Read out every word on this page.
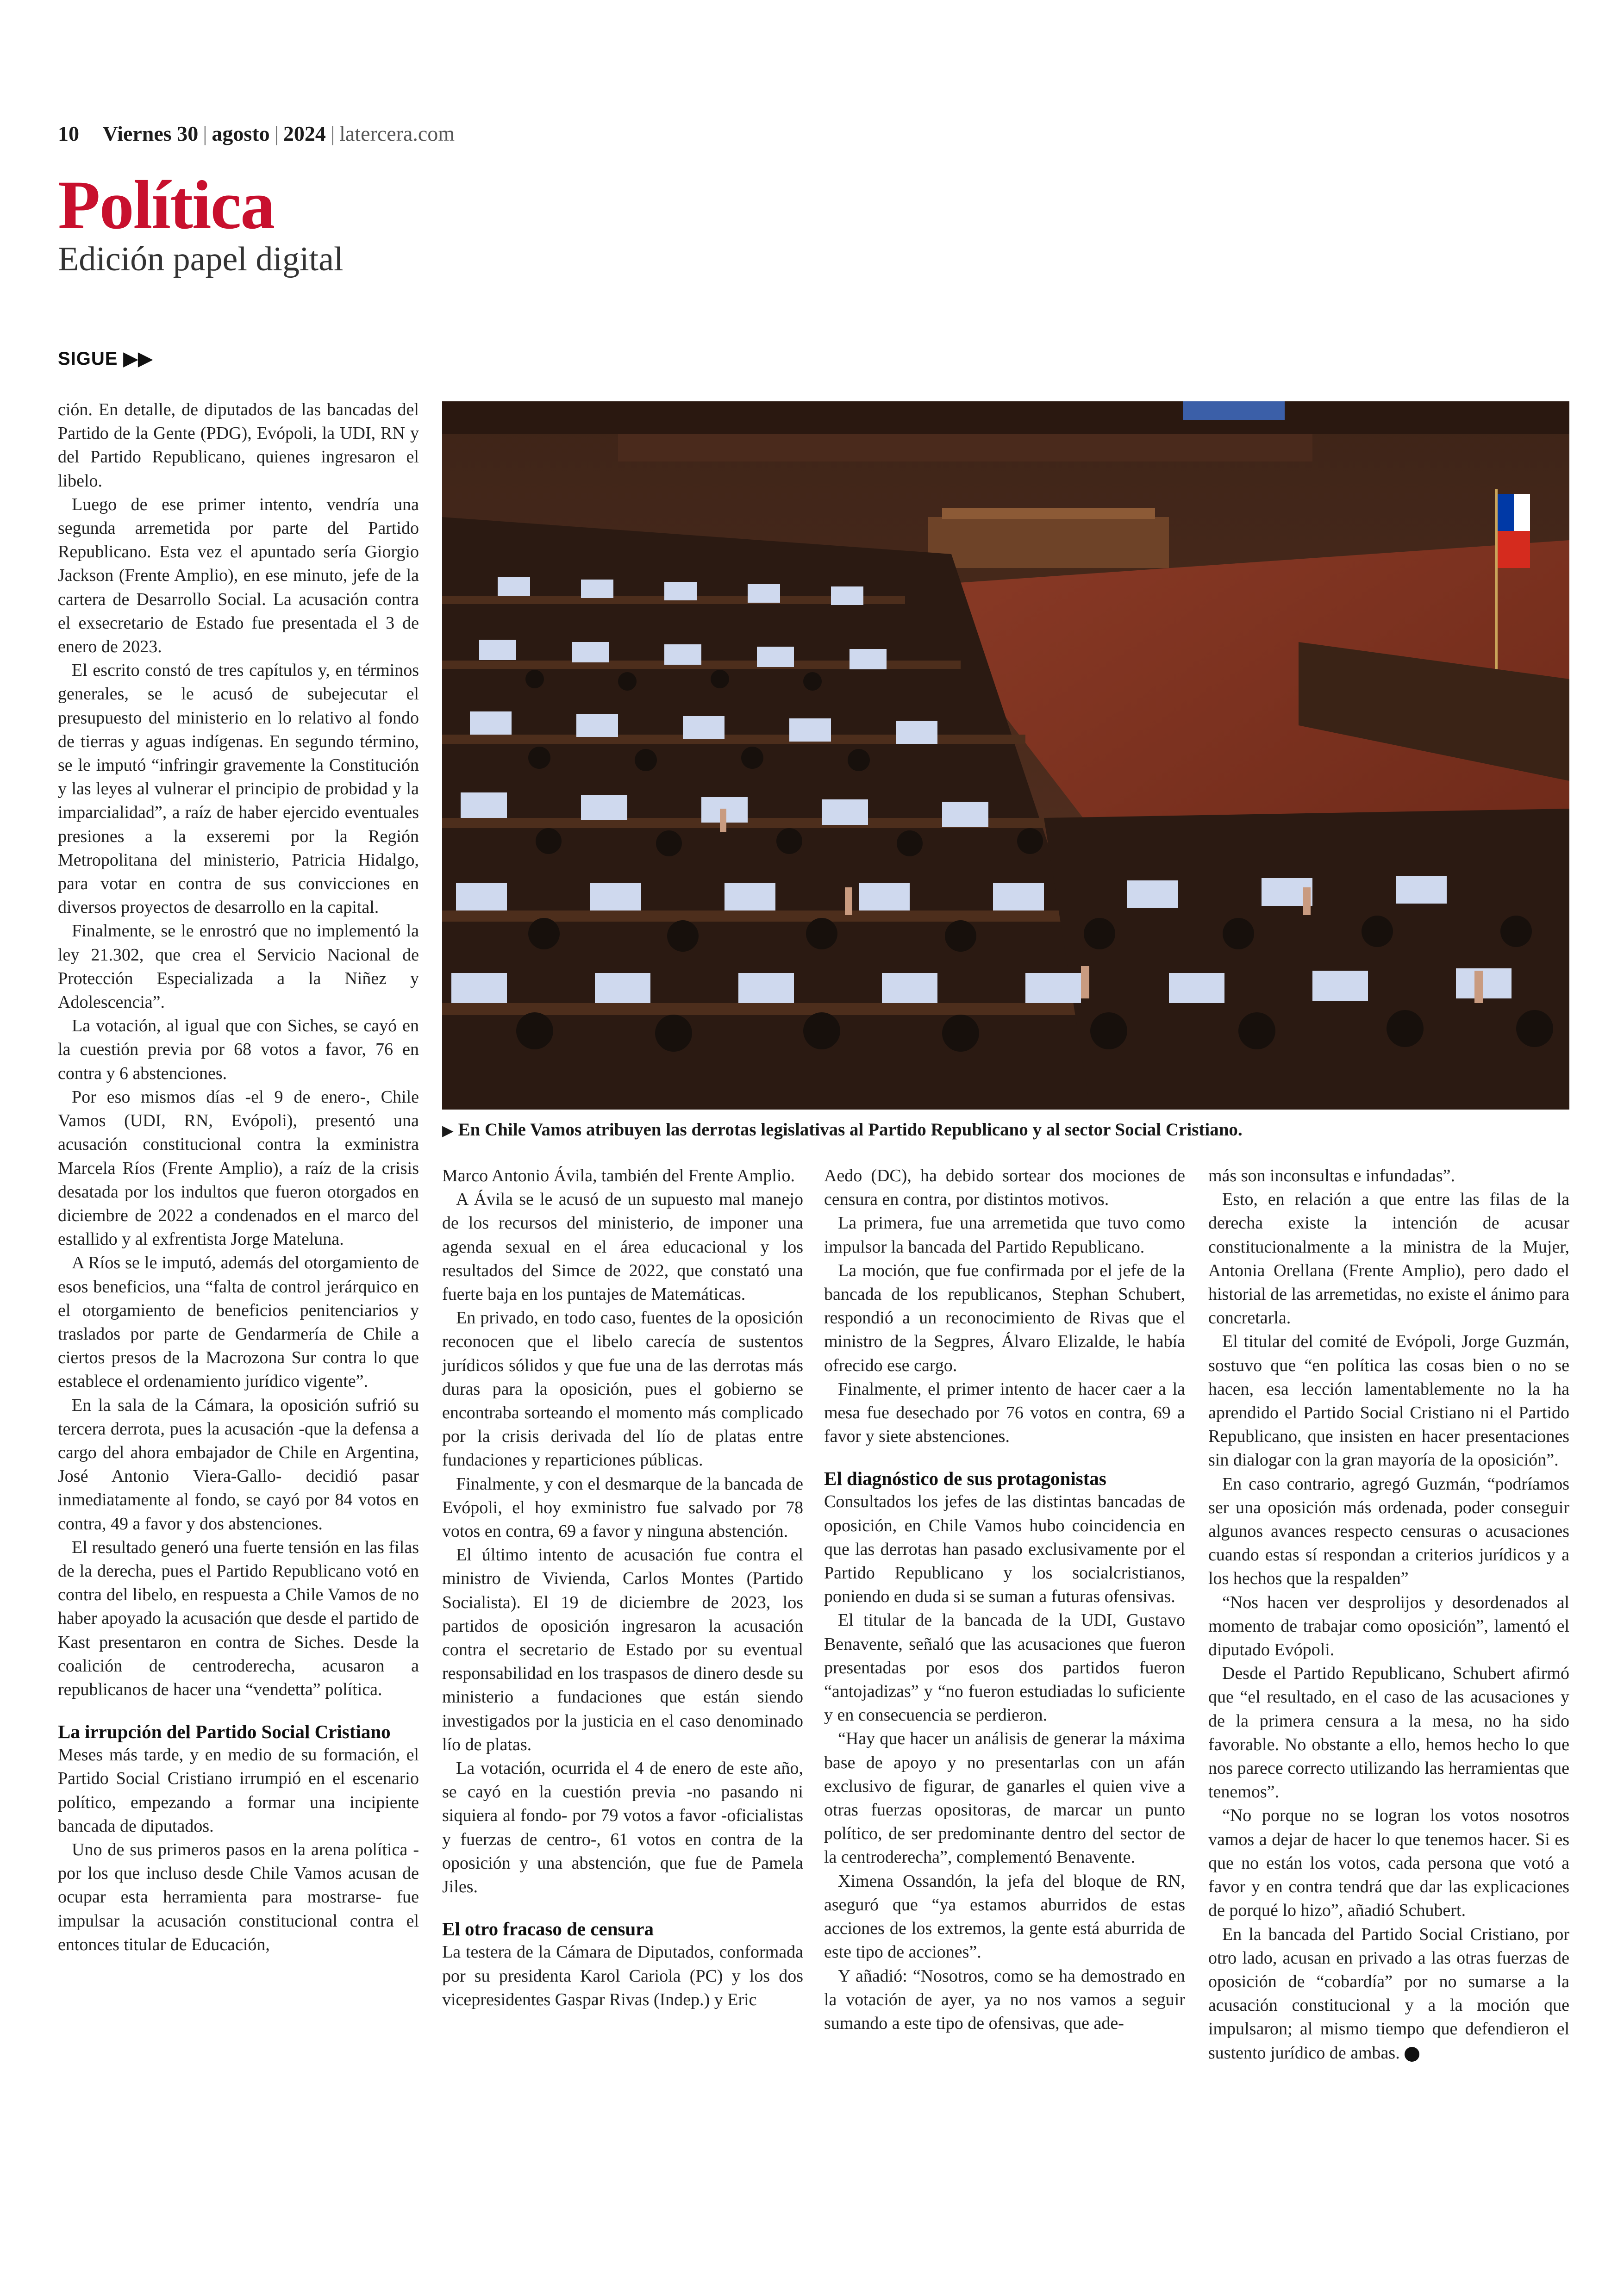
10 Viernes 30 | agosto | 2024 | latercera.com
Política
Edición papel digital
SIGUE ▶▶

ción. En detalle, de diputados de las bancadas del Partido de la Gente (PDG), Evópoli, la UDI, RN y del Partido Republicano, quienes ingresaron el libelo.

Luego de ese primer intento, vendría una segunda arremetida por parte del Partido Republicano. Esta vez el apuntado sería Giorgio Jackson (Frente Amplio), en ese minuto, jefe de la cartera de Desarrollo Social. La acusación contra el exsecretario de Estado fue presentada el 3 de enero de 2023.

El escrito constó de tres capítulos y, en términos generales, se le acusó de subejecutar el presupuesto del ministerio en lo relativo al fondo de tierras y aguas indígenas. En segundo término, se le imputó “infringir gravemente la Constitución y las leyes al vulnerar el principio de probidad y la imparcialidad”, a raíz de haber ejercido eventuales presiones a la exseremi por la Región Metropolitana del ministerio, Patricia Hidalgo, para votar en contra de sus convicciones en diversos proyectos de desarrollo en la capital.

Finalmente, se le enrostró que no implementó la ley 21.302, que crea el Servicio Nacional de Protección Especializada a la Niñez y Adolescencia”.

La votación, al igual que con Siches, se cayó en la cuestión previa por 68 votos a favor, 76 en contra y 6 abstenciones.

Por eso mismos días -el 9 de enero-, Chile Vamos (UDI, RN, Evópoli), presentó una acusación constitucional contra la exministra Marcela Ríos (Frente Amplio), a raíz de la crisis desatada por los indultos que fueron otorgados en diciembre de 2022 a condenados en el marco del estallido y al exfrentista Jorge Mateluna.

A Ríos se le imputó, además del otorgamiento de esos beneficios, una “falta de control jerárquico en el otorgamiento de beneficios penitenciarios y traslados por parte de Gendarmería de Chile a ciertos presos de la Macrozona Sur contra lo que establece el ordenamiento jurídico vigente”.

En la sala de la Cámara, la oposición sufrió su tercera derrota, pues la acusación -que la defensa a cargo del ahora embajador de Chile en Argentina, José Antonio Viera-Gallo- decidió pasar inmediatamente al fondo, se cayó por 84 votos en contra, 49 a favor y dos abstenciones.

El resultado generó una fuerte tensión en las filas de la derecha, pues el Partido Republicano votó en contra del libelo, en respuesta a Chile Vamos de no haber apoyado la acusación que desde el partido de Kast presentaron en contra de Siches. Desde la coalición de centroderecha, acusaron a republicanos de hacer una “vendetta” política.

La irrupción del Partido Social Cristiano

Meses más tarde, y en medio de su formación, el Partido Social Cristiano irrumpió en el escenario político, empezando a formar una incipiente bancada de diputados.

Uno de sus primeros pasos en la arena política -por los que incluso desde Chile Vamos acusan de ocupar esta herramienta para mostrarse- fue impulsar la acusación constitucional contra el entonces titular de Educación,

▶ En Chile Vamos atribuyen las derrotas legislativas al Partido Republicano y al sector Social Cristiano.

Marco Antonio Ávila, también del Frente Amplio.

A Ávila se le acusó de un supuesto mal manejo de los recursos del ministerio, de imponer una agenda sexual en el área educacional y los resultados del Simce de 2022, que constató una fuerte baja en los puntajes de Matemáticas.

En privado, en todo caso, fuentes de la oposición reconocen que el libelo carecía de sustentos jurídicos sólidos y que fue una de las derrotas más duras para la oposición, pues el gobierno se encontraba sorteando el momento más complicado por la crisis derivada del lío de platas entre fundaciones y reparticiones públicas.

Finalmente, y con el desmarque de la bancada de Evópoli, el hoy exministro fue salvado por 78 votos en contra, 69 a favor y ninguna abstención.

El último intento de acusación fue contra el ministro de Vivienda, Carlos Montes (Partido Socialista). El 19 de diciembre de 2023, los partidos de oposición ingresaron la acusación contra el secretario de Estado por su eventual responsabilidad en los traspasos de dinero desde su ministerio a fundaciones que están siendo investigados por la justicia en el caso denominado lío de platas.

La votación, ocurrida el 4 de enero de este año, se cayó en la cuestión previa -no pasando ni siquiera al fondo- por 79 votos a favor -oficialistas y fuerzas de centro-, 61 votos en contra de la oposición y una abstención, que fue de Pamela Jiles.

El otro fracaso de censura

La testera de la Cámara de Diputados, conformada por su presidenta Karol Cariola (PC) y los dos vicepresidentes Gaspar Rivas (Indep.) y Eric

Aedo (DC), ha debido sortear dos mociones de censura en contra, por distintos motivos.

La primera, fue una arremetida que tuvo como impulsor la bancada del Partido Republicano.

La moción, que fue confirmada por el jefe de la bancada de los republicanos, Stephan Schubert, respondió a un reconocimiento de Rivas que el ministro de la Segpres, Álvaro Elizalde, le había ofrecido ese cargo.

Finalmente, el primer intento de hacer caer a la mesa fue desechado por 76 votos en contra, 69 a favor y siete abstenciones.

El diagnóstico de sus protagonistas

Consultados los jefes de las distintas bancadas de oposición, en Chile Vamos hubo coincidencia en que las derrotas han pasado exclusivamente por el Partido Republicano y los socialcristianos, poniendo en duda si se suman a futuras ofensivas.

El titular de la bancada de la UDI, Gustavo Benavente, señaló que las acusaciones que fueron presentadas por esos dos partidos fueron “antojadizas” y “no fueron estudiadas lo suficiente y en consecuencia se perdieron.

“Hay que hacer un análisis de generar la máxima base de apoyo y no presentarlas con un afán exclusivo de figurar, de ganarles el quien vive a otras fuerzas opositoras, de marcar un punto político, de ser predominante dentro del sector de la centroderecha”, complementó Benavente.

Ximena Ossandón, la jefa del bloque de RN, aseguró que “ya estamos aburridos de estas acciones de los extremos, la gente está aburrida de este tipo de acciones”.

Y añadió: “Nosotros, como se ha demostrado en la votación de ayer, ya no nos vamos a seguir sumando a este tipo de ofensivas, que ade-

más son inconsultas e infundadas”.

Esto, en relación a que entre las filas de la derecha existe la intención de acusar constitucionalmente a la ministra de la Mujer, Antonia Orellana (Frente Amplio), pero dado el historial de las arremetidas, no existe el ánimo para concretarla.

El titular del comité de Evópoli, Jorge Guzmán, sostuvo que “en política las cosas bien o no se hacen, esa lección lamentablemente no la ha aprendido el Partido Social Cristiano ni el Partido Republicano, que insisten en hacer presentaciones sin dialogar con la gran mayoría de la oposición”.

En caso contrario, agregó Guzmán, “podríamos ser una oposición más ordenada, poder conseguir algunos avances respecto censuras o acusaciones cuando estas sí respondan a criterios jurídicos y a los hechos que la respalden”

“Nos hacen ver desprolijos y desordenados al momento de trabajar como oposición”, lamentó el diputado Evópoli.

Desde el Partido Republicano, Schubert afirmó que “el resultado, en el caso de las acusaciones y de la primera censura a la mesa, no ha sido favorable. No obstante a ello, hemos hecho lo que nos parece correcto utilizando las herramientas que tenemos”.

“No porque no se logran los votos nosotros vamos a dejar de hacer lo que tenemos hacer. Si es que no están los votos, cada persona que votó a favor y en contra tendrá que dar las explicaciones de porqué lo hizo”, añadió Schubert.

En la bancada del Partido Social Cristiano, por otro lado, acusan en privado a las otras fuerzas de oposición de “cobardía” por no sumarse a la acusación constitucional y a la moción que impulsaron; al mismo tiempo que defendieron el sustento jurídico de ambas.
